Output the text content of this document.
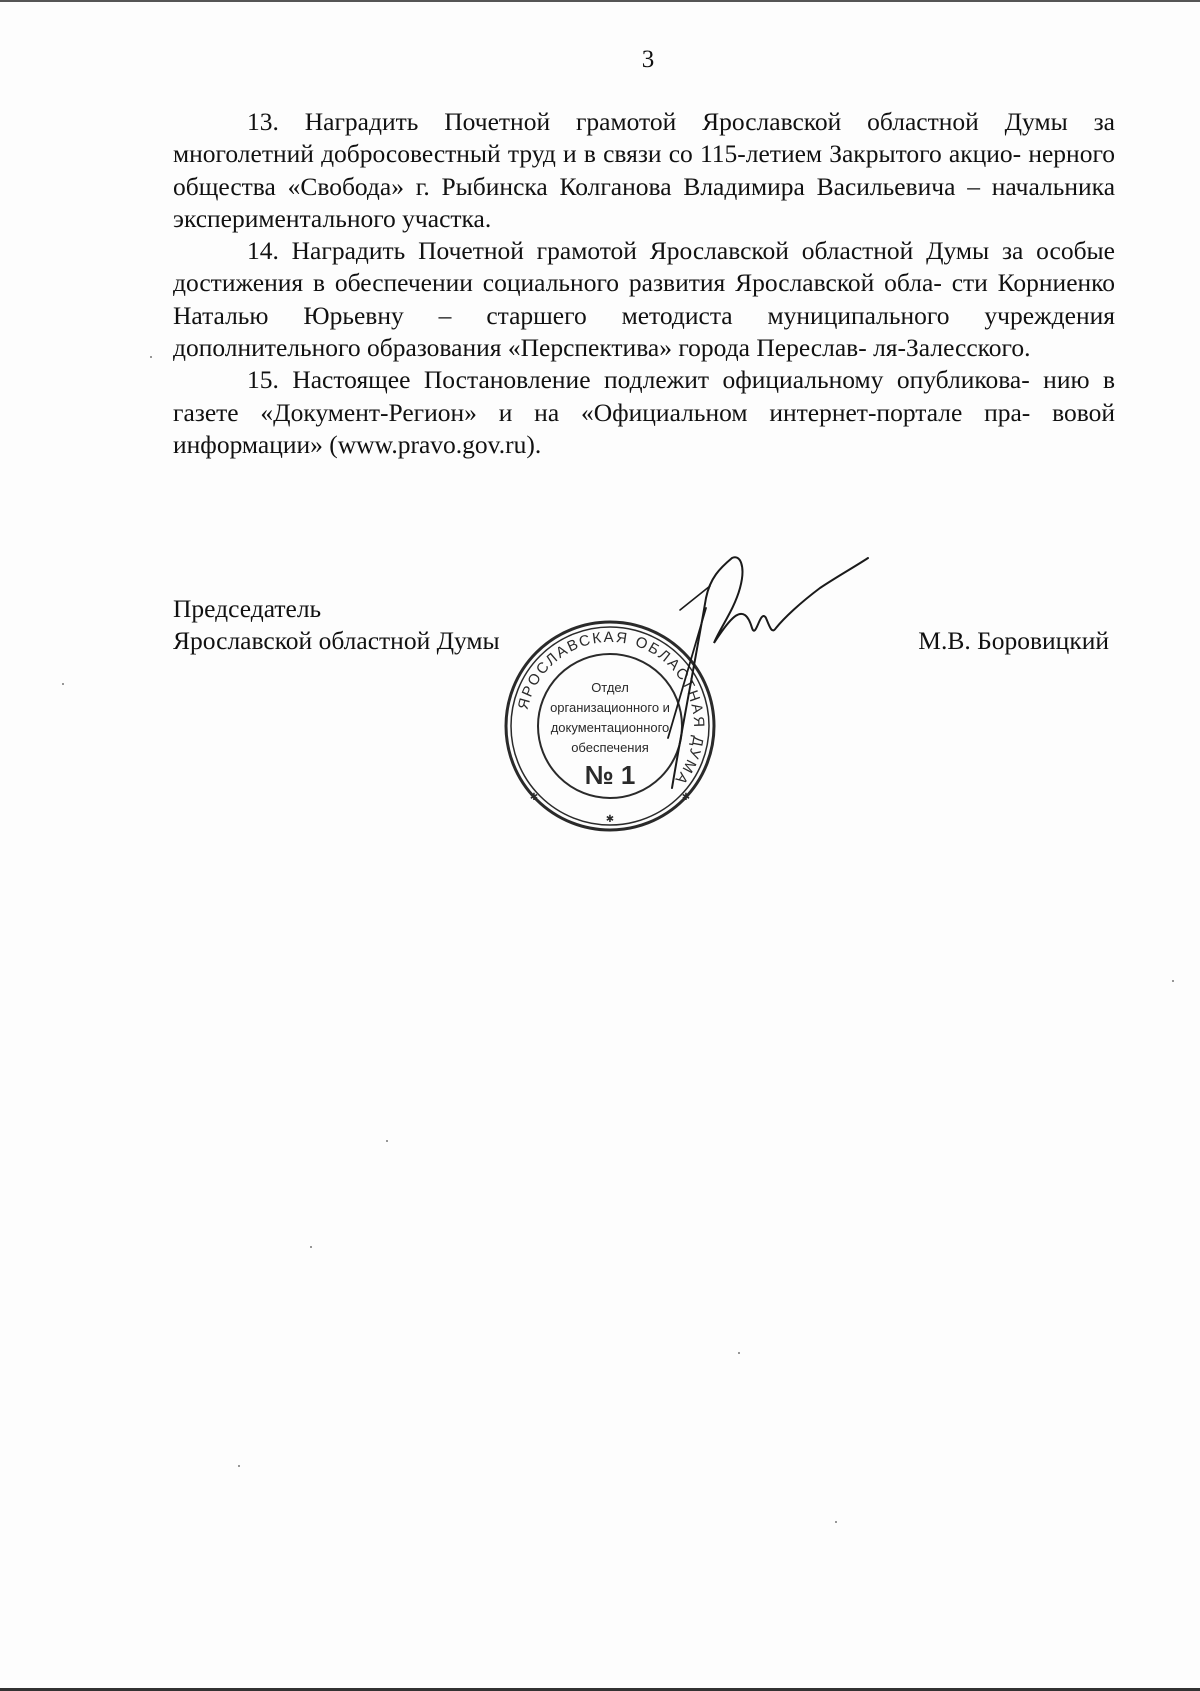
3

13. Наградить Почетной грамотой Ярославской областной Думы за многолетний добросовестный труд и в связи со 115-летием Закрытого акцио- нерного общества «Свобода» г. Рыбинска Колганова Владимира Васильевича – начальника экспериментального участка.

14. Наградить Почетной грамотой Ярославской областной Думы за особые достижения в обеспечении социального развития Ярославской обла- сти Корниенко Наталью Юрьевну – старшего методиста муниципального учреждения дополнительного образования «Перспектива» города Переслав- ля-Залесского.

15. Настоящее Постановление подлежит официальному опубликова- нию в газете «Документ-Регион» и на «Официальном интернет-портале пра- вовой информации» (www.pravo.gov.ru).

Председатель
Ярославской областной Думы	М.В. Боровицкий
ЯРОСЛАВСКАЯ ОБЛАСТНАЯ ДУМА
Отдел
организационного и
документационного
обеспечения
№ 1
✱
✱
✱
